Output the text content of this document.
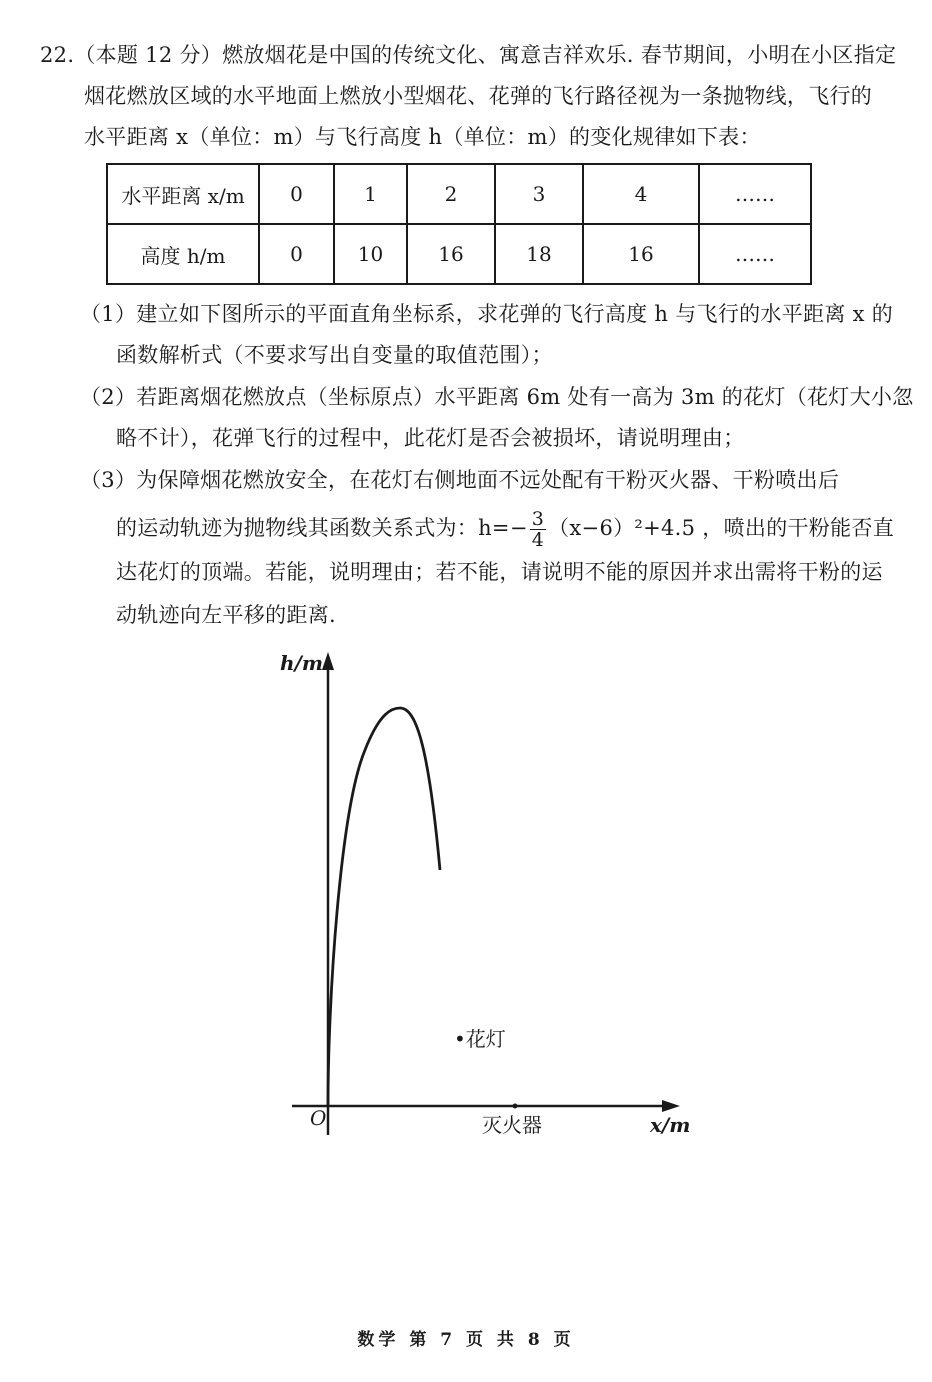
22.（本题 12 分）燃放烟花是中国的传统文化、寓意吉祥欢乐. 春节期间，小明在小区指定
烟花燃放区域的水平地面上燃放小型烟花、花弹的飞行路径视为一条抛物线，飞行的
水平距离 x（单位：m）与飞行高度 h（单位：m）的变化规律如下表：
水平距离 x/m	0	1	2	3	4	……
高度 h/m	0	10	16	18	16	……
（1）建立如下图所示的平面直角坐标系，求花弹的飞行高度 h 与飞行的水平距离 x 的
函数解析式（不要求写出自变量的取值范围）；
（2）若距离烟花燃放点（坐标原点）水平距离 6m 处有一高为 3m 的花灯（花灯大小忽
略不计），花弹飞行的过程中，此花灯是否会被损坏，请说明理由；
（3）为保障烟花燃放安全，在花灯右侧地面不远处配有干粉灭火器、干粉喷出后
的运动轨迹为抛物线其函数关系式为：$h=- \frac{3}{4} (x-6)^2+4.5$ ，喷出的干粉能否直
达花灯的顶端。若能，说明理由；若不能，请说明不能的原因并求出需将干粉的运
动轨迹向左平移的距离.
h/m
x/m
O
•花灯
灭火器
数学 第 7 页 共 8 页
